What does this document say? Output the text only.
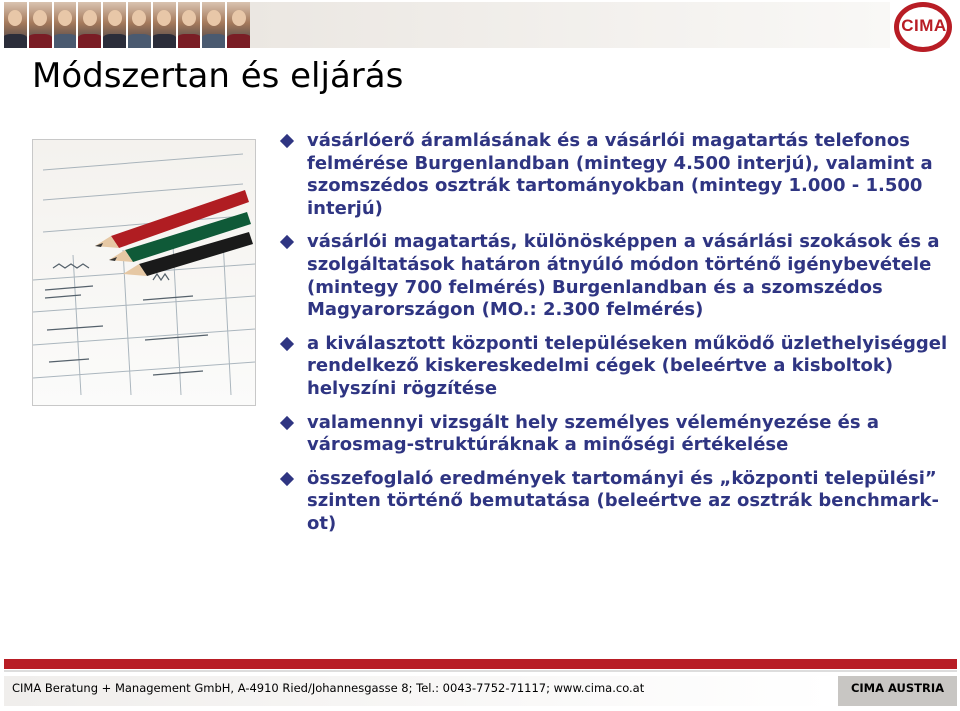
CIMA
Módszertan és eljárás
vásárlóerő áramlásának és a vásárlói magatartás telefonos felmérése Burgenlandban (mintegy 4.500 interjú), valamint a szomszédos osztrák tartományokban (mintegy 1.000 - 1.500 interjú)
vásárlói magatartás, különösképpen a vásárlási szokások és a szolgáltatások határon átnyúló módon történő igénybevétele (mintegy 700 felmérés) Burgenlandban és a szomszédos Magyarországon (MO.: 2.300 felmérés)
a kiválasztott központi településeken működő üzlethelyiséggel rendelkező kiskereskedelmi cégek (beleértve a kisboltok) helyszíni rögzítése
valamennyi vizsgált hely személyes véleményezése és a városmag-struktúráknak a minőségi értékelése
összefoglaló eredmények tartományi és „központi települési” szinten történő bemutatása (beleértve az osztrák benchmark-ot)
CIMA Beratung + Management GmbH, A-4910 Ried/Johannesgasse 8; Tel.: 0043-7752-71117; www.cima.co.at	CIMA AUSTRIA
